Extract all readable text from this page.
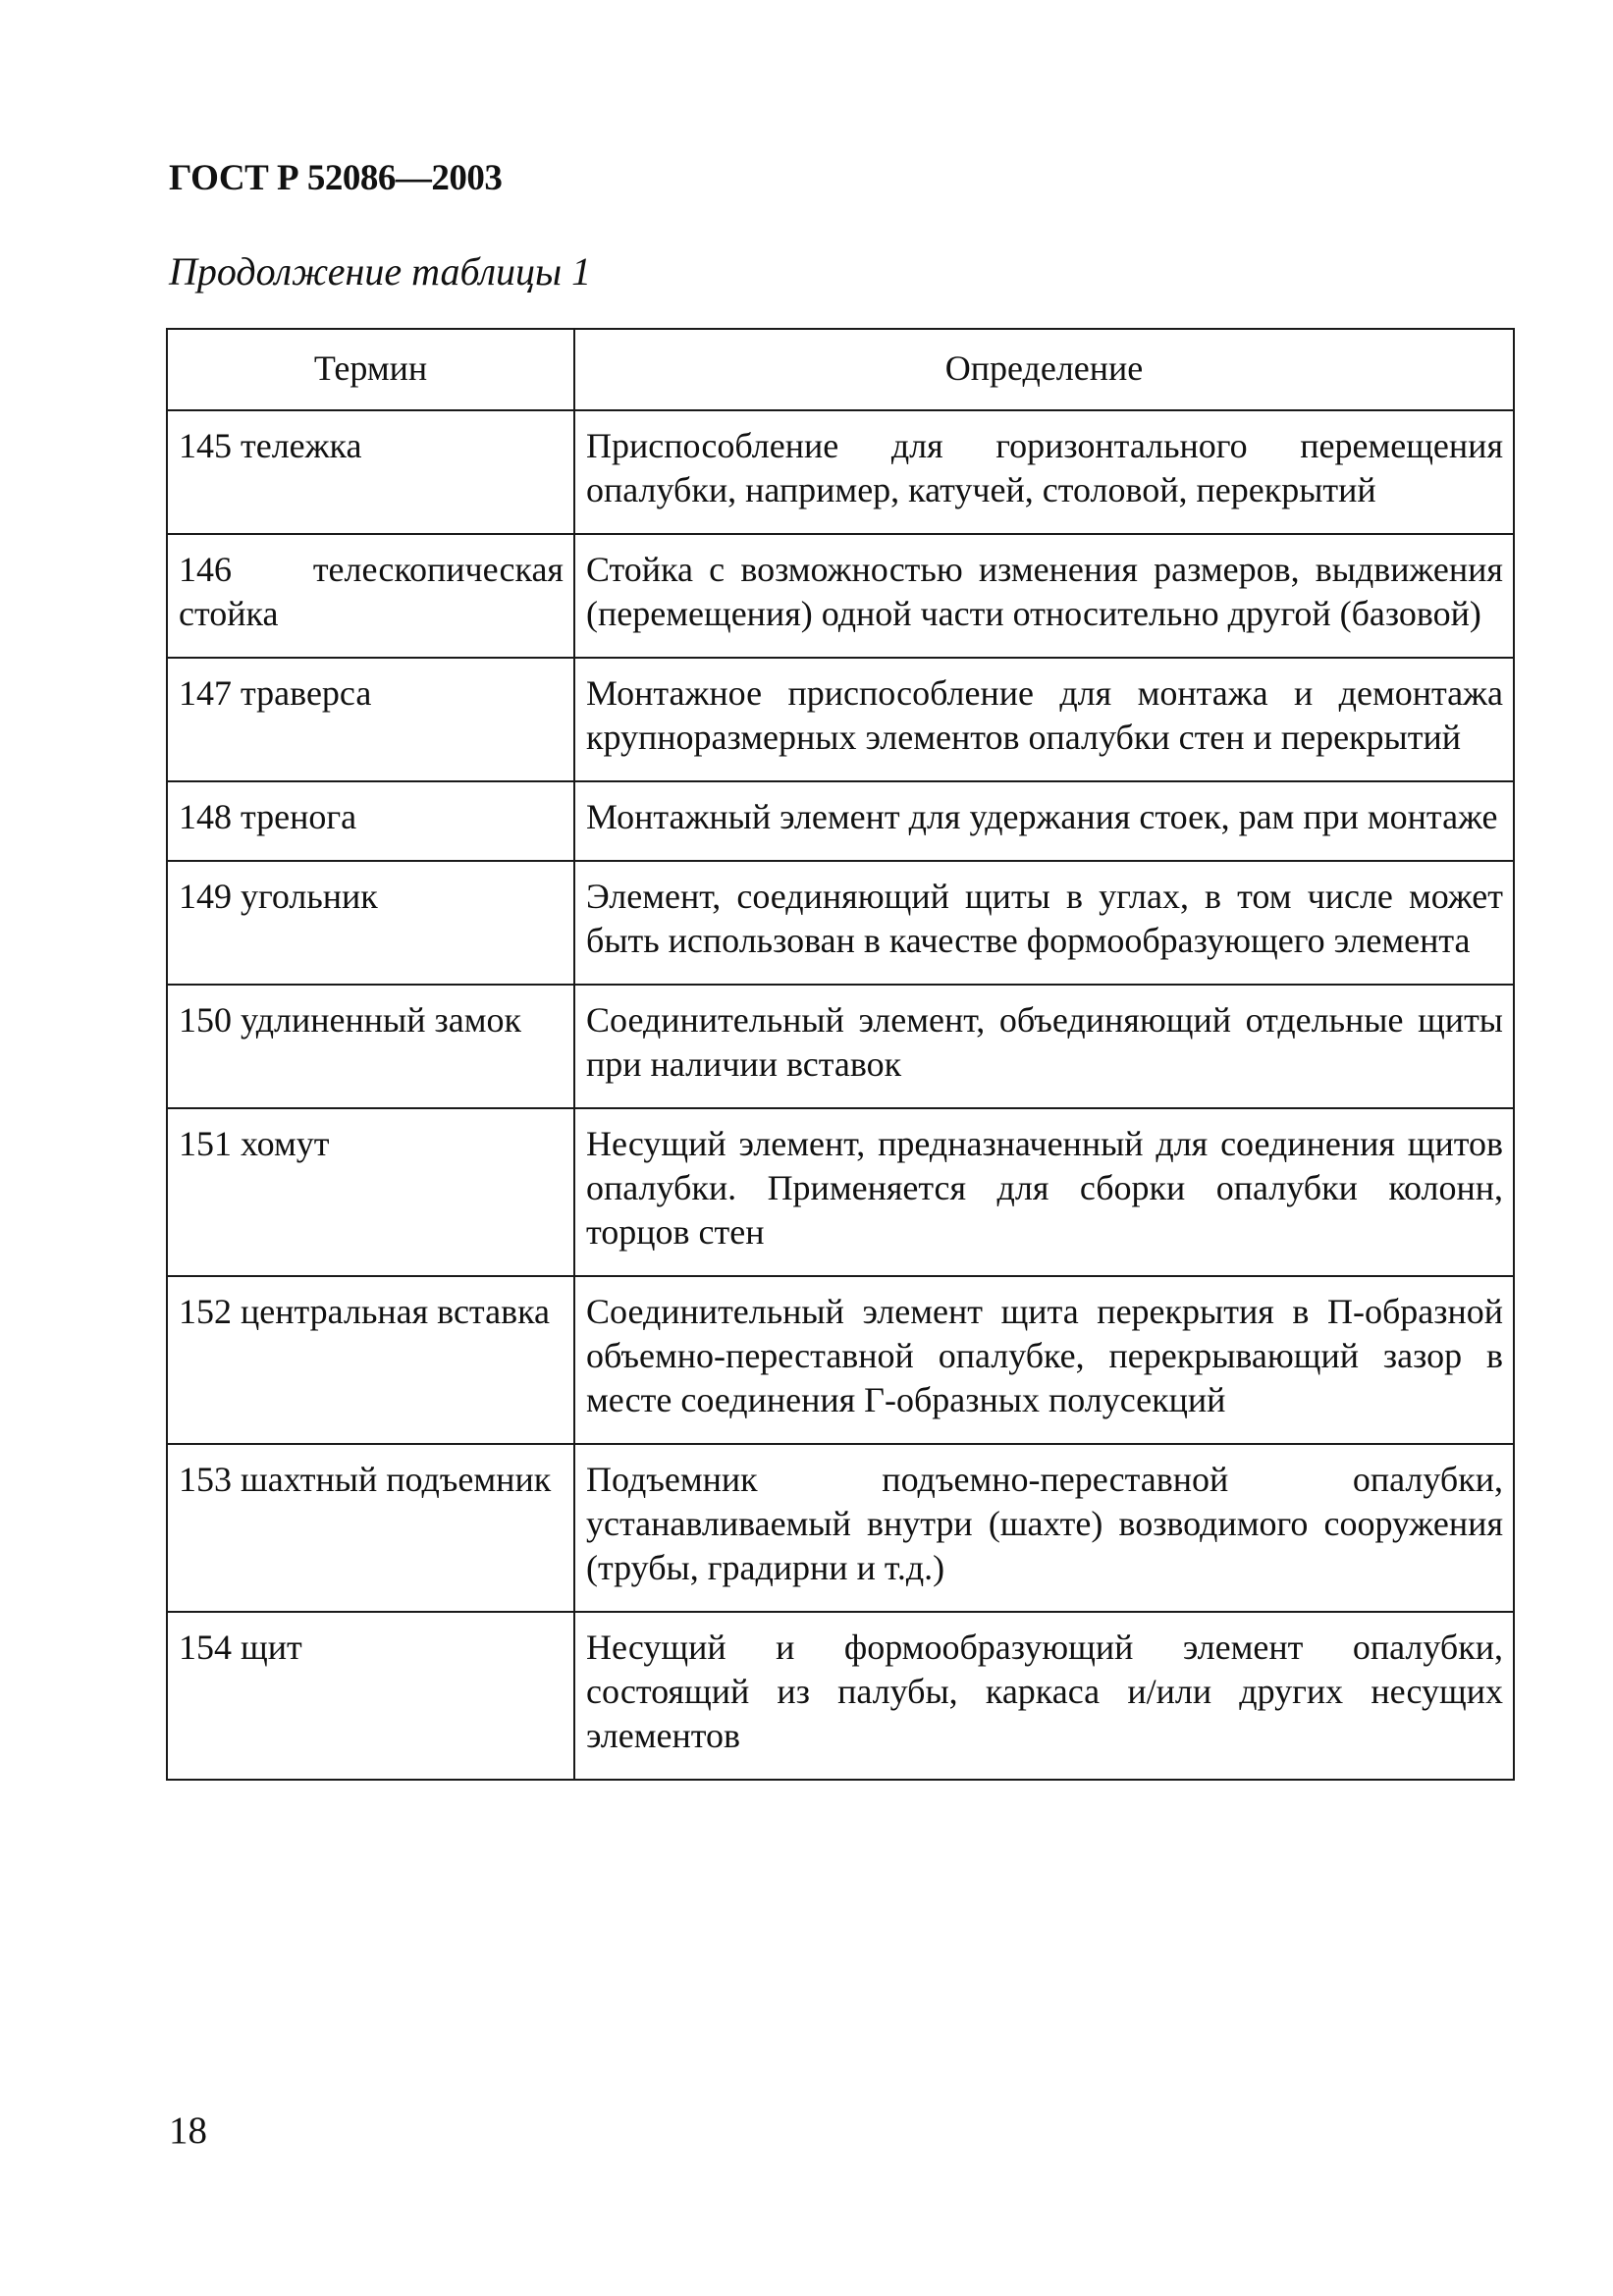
ГОСТ Р 52086—2003
Продолжение таблицы 1
Термин	Определение
145 тележка	Приспособление для горизонтального перемещения опалубки, например, катучей, столовой, перекрытий
146 телескопическая стойка	Стойка с возможностью изменения размеров, выдвижения (перемещения) одной части относительно другой (базовой)
147 траверса	Монтажное приспособление для монтажа и демонтажа крупноразмерных элементов опалубки стен и перекрытий
148 тренога	Монтажный элемент для удержания стоек, рам при монтаже
149 угольник	Элемент, соединяющий щиты в углах, в том числе может быть использован в качестве формообразующего элемента
150 удлиненный замок	Соединительный элемент, объединяющий отдельные щиты при наличии вставок
151 хомут	Несущий элемент, предназначенный для соединения щитов опалубки. Применяется для сборки опалубки колонн, торцов стен
152 центральная вставка	Соединительный элемент щита перекрытия в П-образной объемно-переставной опалубке, перекрывающий зазор в месте соединения Г-образных полусекций
153 шахтный подъемник	Подъемник подъемно-переставной опалубки, устанавливаемый внутри (шахте) возводимого сооружения (трубы, градирни и т.д.)
154 щит	Несущий и формообразующий элемент опалубки, состоящий из палубы, каркаса и/или других несущих элементов
18
